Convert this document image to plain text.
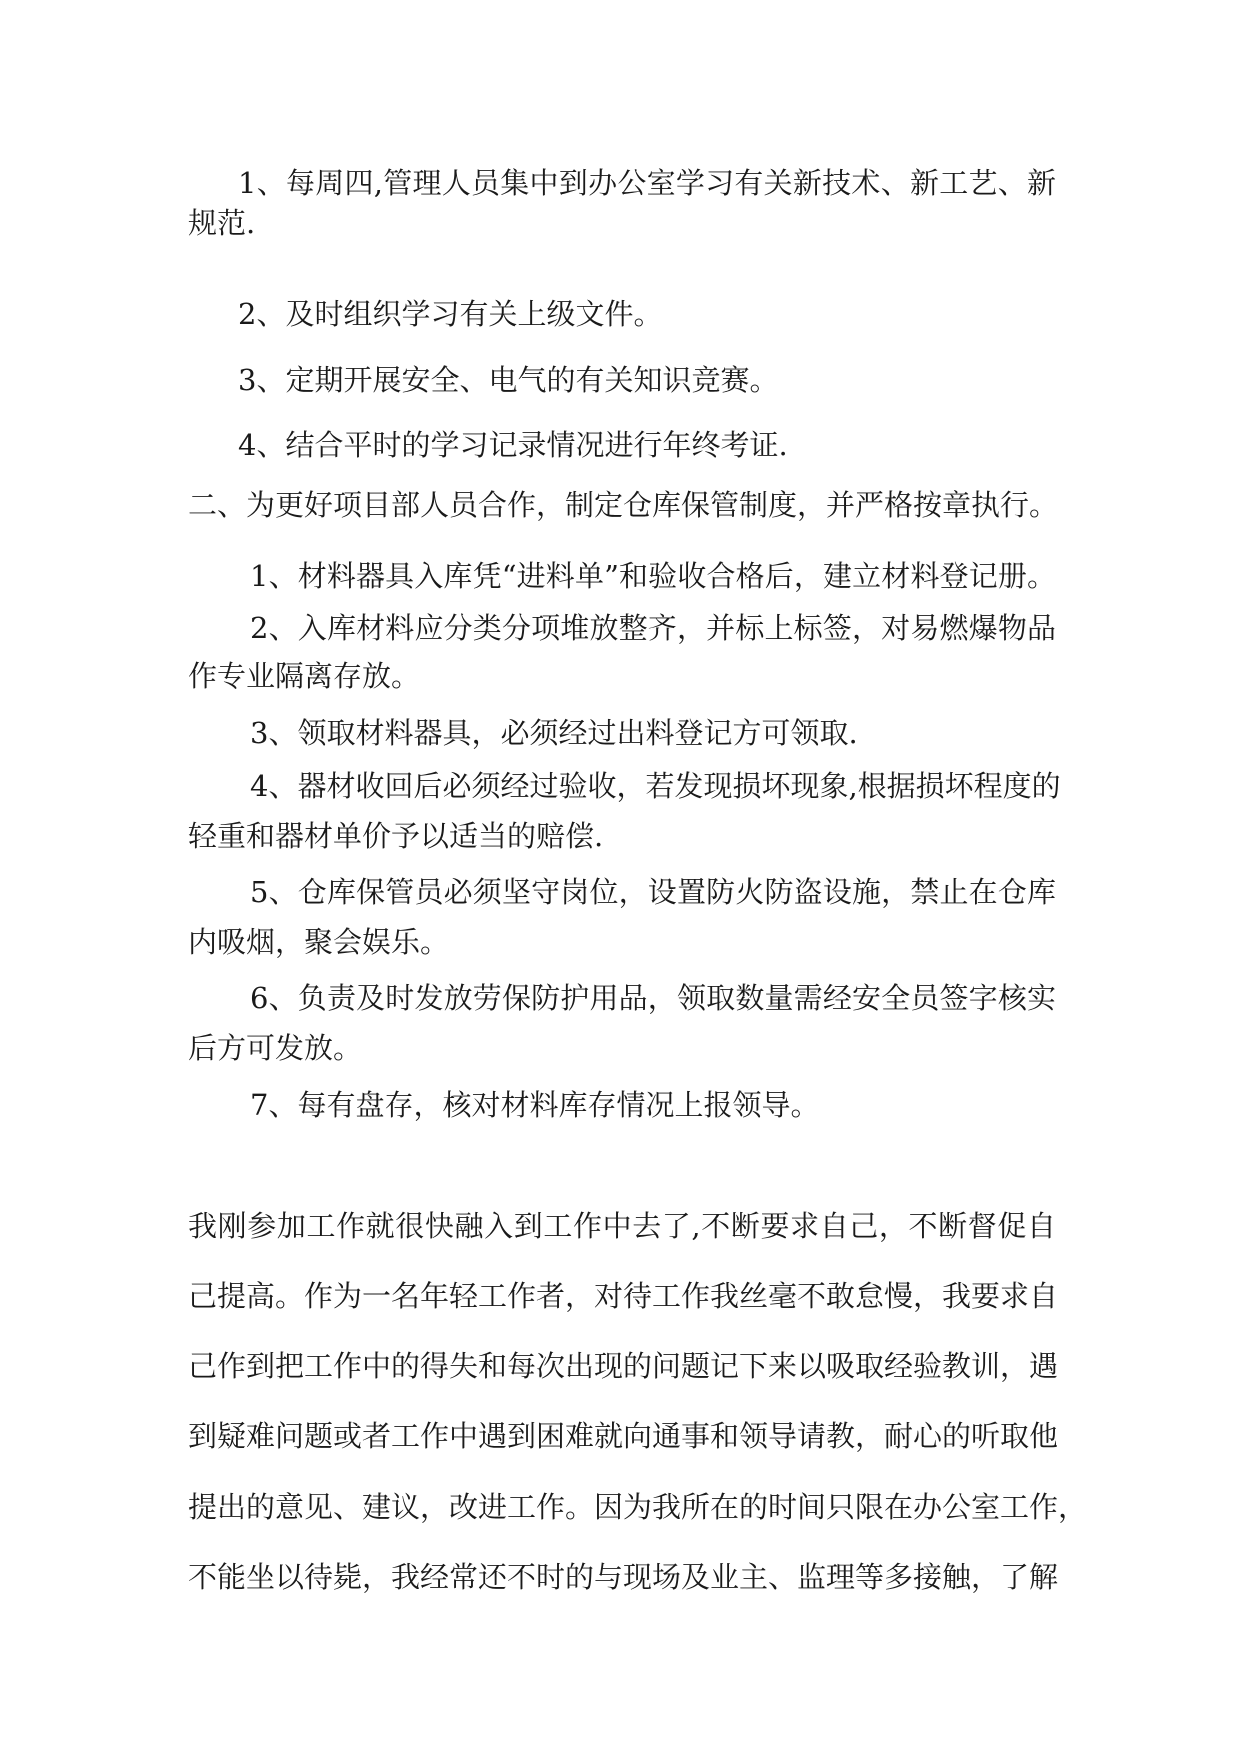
1、每周四,管理人员集中到办公室学习有关新技术、新工艺、新
规范.
2、及时组织学习有关上级文件。
3、定期开展安全、电气的有关知识竞赛。
4、结合平时的学习记录情况进行年终考证.
二、为更好项目部人员合作，制定仓库保管制度，并严格按章执行。
1、材料器具入库凭“进料单”和验收合格后，建立材料登记册。
2、入库材料应分类分项堆放整齐，并标上标签，对易燃爆物品
作专业隔离存放。
3、领取材料器具，必须经过出料登记方可领取.
4、器材收回后必须经过验收，若发现损坏现象,根据损坏程度的
轻重和器材单价予以适当的赔偿.
5、仓库保管员必须坚守岗位，设置防火防盗设施，禁止在仓库
内吸烟，聚会娱乐。
6、负责及时发放劳保防护用品，领取数量需经安全员签字核实
后方可发放。
7、每有盘存，核对材料库存情况上报领导。
我刚参加工作就很快融入到工作中去了,不断要求自己，不断督促自
己提高。作为一名年轻工作者，对待工作我丝毫不敢怠慢，我要求自
己作到把工作中的得失和每次出现的问题记下来以吸取经验教训，遇
到疑难问题或者工作中遇到困难就向通事和领导请教，耐心的听取他
提出的意见、建议，改进工作。因为我所在的时间只限在办公室工作，
不能坐以待毙，我经常还不时的与现场及业主、监理等多接触，了解
